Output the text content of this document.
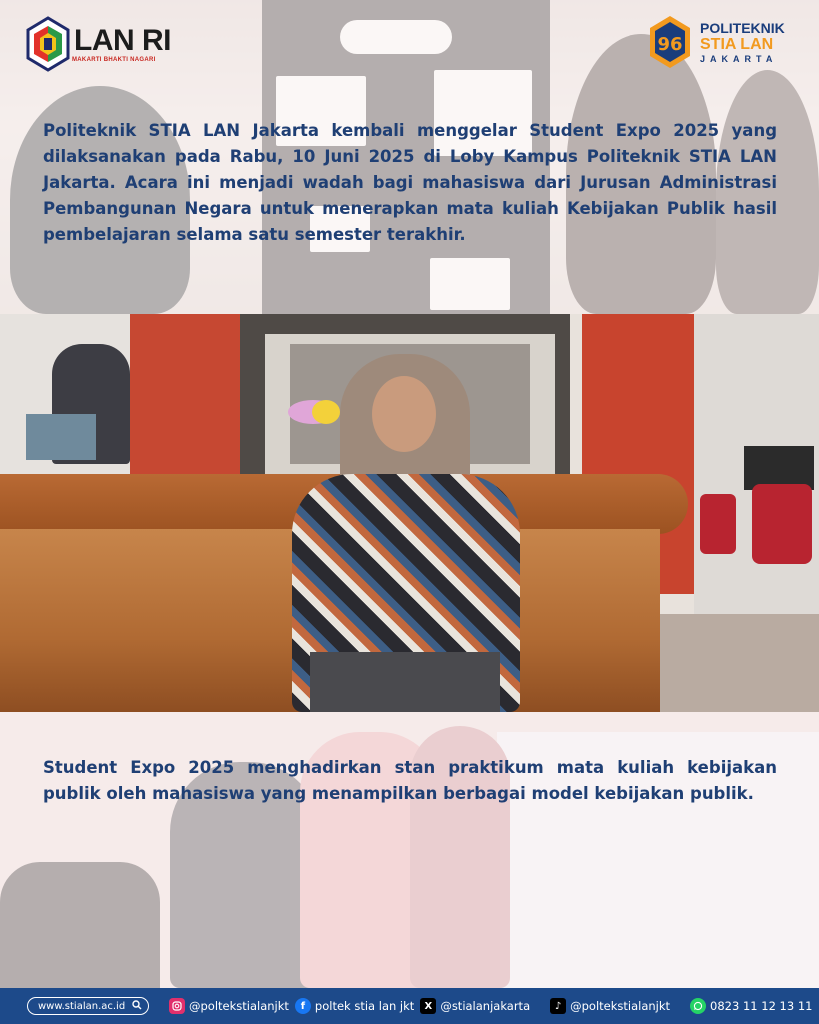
LAN RI
MAKARTI BHAKTI NAGARI
96
POLITEKNIK
STIA LAN
JAKARTA

Politeknik STIA LAN Jakarta kembali menggelar Student Expo 2025 yang dilaksanakan pada Rabu, 10 Juni 2025 di Loby Kampus Politeknik STIA LAN Jakarta. Acara ini menjadi wadah bagi mahasiswa dari Jurusan Administrasi Pembangunan Negara untuk menerapkan mata kuliah Kebijakan Publik hasil pembelajaran selama satu semester terakhir.

Student Expo 2025 menghadirkan stan praktikum mata kuliah kebijakan publik oleh mahasiswa yang menampilkan berbagai model kebijakan publik.

www.stialan.ac.id	@poltekstialanjkt	f poltek stia lan jkt	X @stialanjakarta	♪ @poltekstialanjkt	0823 11 12 13 11
